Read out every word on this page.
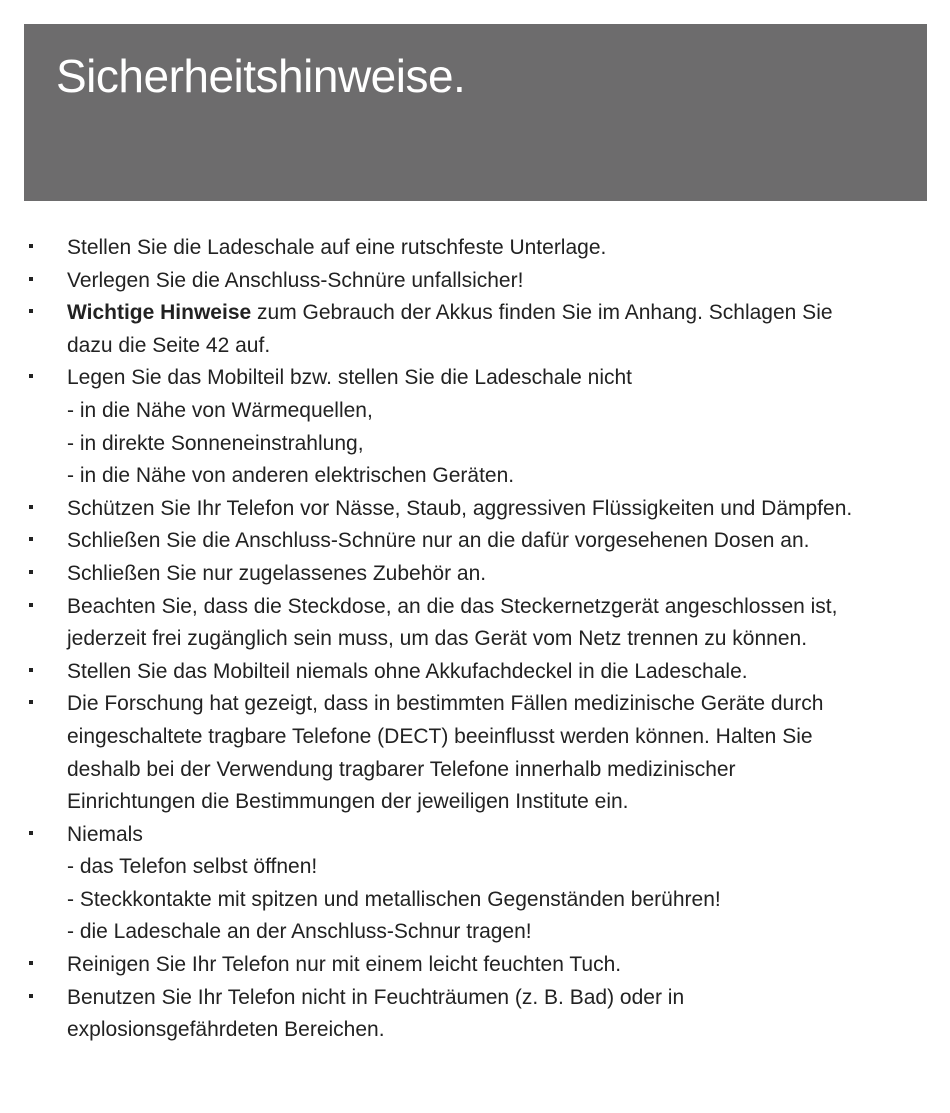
Sicherheitshinweise.
Stellen Sie die Ladeschale auf eine rutschfeste Unterlage.
Verlegen Sie die Anschluss-Schnüre unfallsicher!
Wichtige Hinweise zum Gebrauch der Akkus finden Sie im Anhang. Schlagen Sie
dazu die Seite 42 auf.
Legen Sie das Mobilteil bzw. stellen Sie die Ladeschale nicht
- in die Nähe von Wärmequellen,
- in direkte Sonneneinstrahlung,
- in die Nähe von anderen elektrischen Geräten.
Schützen Sie Ihr Telefon vor Nässe, Staub, aggressiven Flüssigkeiten und Dämpfen.
Schließen Sie die Anschluss-Schnüre nur an die dafür vorgesehenen Dosen an.
Schließen Sie nur zugelassenes Zubehör an.
Beachten Sie, dass die Steckdose, an die das Steckernetzgerät angeschlossen ist,
jederzeit frei zugänglich sein muss, um das Gerät vom Netz trennen zu können.
Stellen Sie das Mobilteil niemals ohne Akkufachdeckel in die Ladeschale.
Die Forschung hat gezeigt, dass in bestimmten Fällen medizinische Geräte durch
eingeschaltete tragbare Telefone (DECT) beeinflusst werden können. Halten Sie
deshalb bei der Verwendung tragbarer Telefone innerhalb medizinischer
Einrichtungen die Bestimmungen der jeweiligen Institute ein.
Niemals
- das Telefon selbst öffnen!
- Steckkontakte mit spitzen und metallischen Gegenständen berühren!
- die Ladeschale an der Anschluss-Schnur tragen!
Reinigen Sie Ihr Telefon nur mit einem leicht feuchten Tuch.
Benutzen Sie Ihr Telefon nicht in Feuchträumen (z. B. Bad) oder in
explosionsgefährdeten Bereichen.
